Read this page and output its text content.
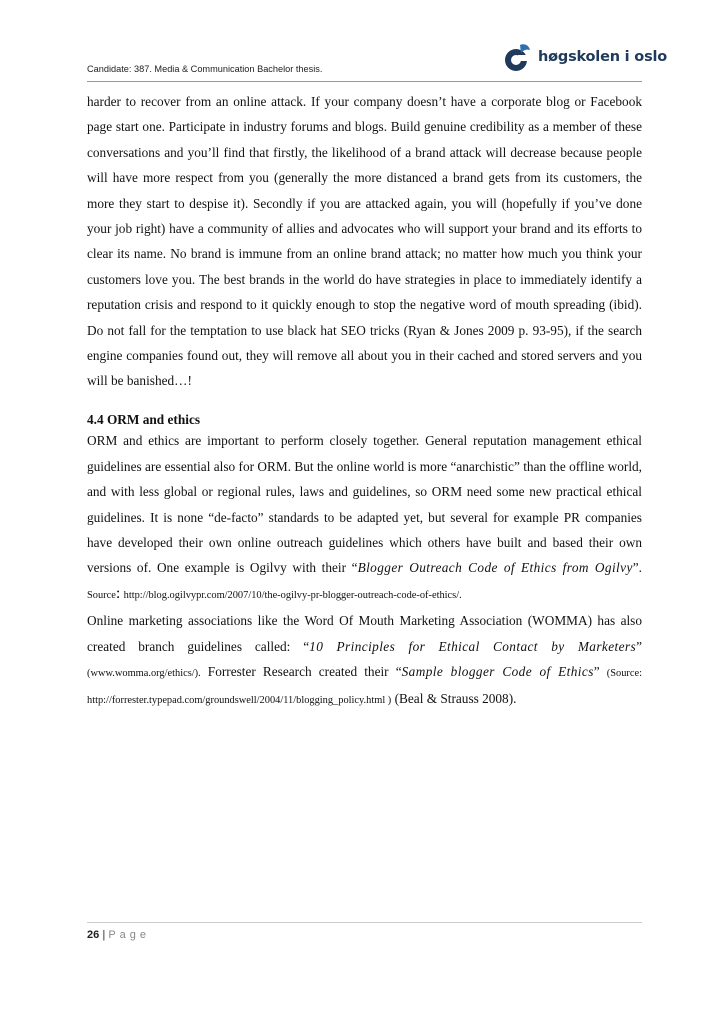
Candidate: 387. Media & Communication Bachelor thesis.
høgskolen i oslo

harder to recover from an online attack. If your company doesn’t have a corporate blog or Facebook page start one. Participate in industry forums and blogs. Build genuine credibility as a member of these conversations and you’ll find that firstly, the likelihood of a brand attack will decrease because people will have more respect from you (generally the more distanced a brand gets from its customers, the more they start to despise it). Secondly if you are attacked again, you will (hopefully if you’ve done your job right) have a community of allies and advocates who will support your brand and its efforts to clear its name. No brand is immune from an online brand attack; no matter how much you think your customers love you. The best brands in the world do have strategies in place to immediately identify a reputation crisis and respond to it quickly enough to stop the negative word of mouth spreading (ibid). Do not fall for the temptation to use black hat SEO tricks (Ryan & Jones 2009 p. 93-95), if the search engine companies found out, they will remove all about you in their cached and stored servers and you will be banished…!

4.4 ORM and ethics

ORM and ethics are important to perform closely together. General reputation management ethical guidelines are essential also for ORM. But the online world is more “anarchistic” than the offline world, and with less global or regional rules, laws and guidelines, so ORM need some new practical ethical guidelines. It is none “de-facto” standards to be adapted yet, but several for example PR companies have developed their own online outreach guidelines which others have built and based their own versions of. One example is Ogilvy with their “Blogger Outreach Code of Ethics from Ogilvy”. Source: http://blog.ogilvypr.com/2007/10/the-ogilvy-pr-blogger-outreach-code-of-ethics/.

Online marketing associations like the Word Of Mouth Marketing Association (WOMMA) has also created branch guidelines called: “10 Principles for Ethical Contact by Marketers” (www.womma.org/ethics/). Forrester Research created their “Sample blogger Code of Ethics” (Source: http://forrester.typepad.com/groundswell/2004/11/blogging_policy.html ) (Beal & Strauss 2008).

26 | Page
